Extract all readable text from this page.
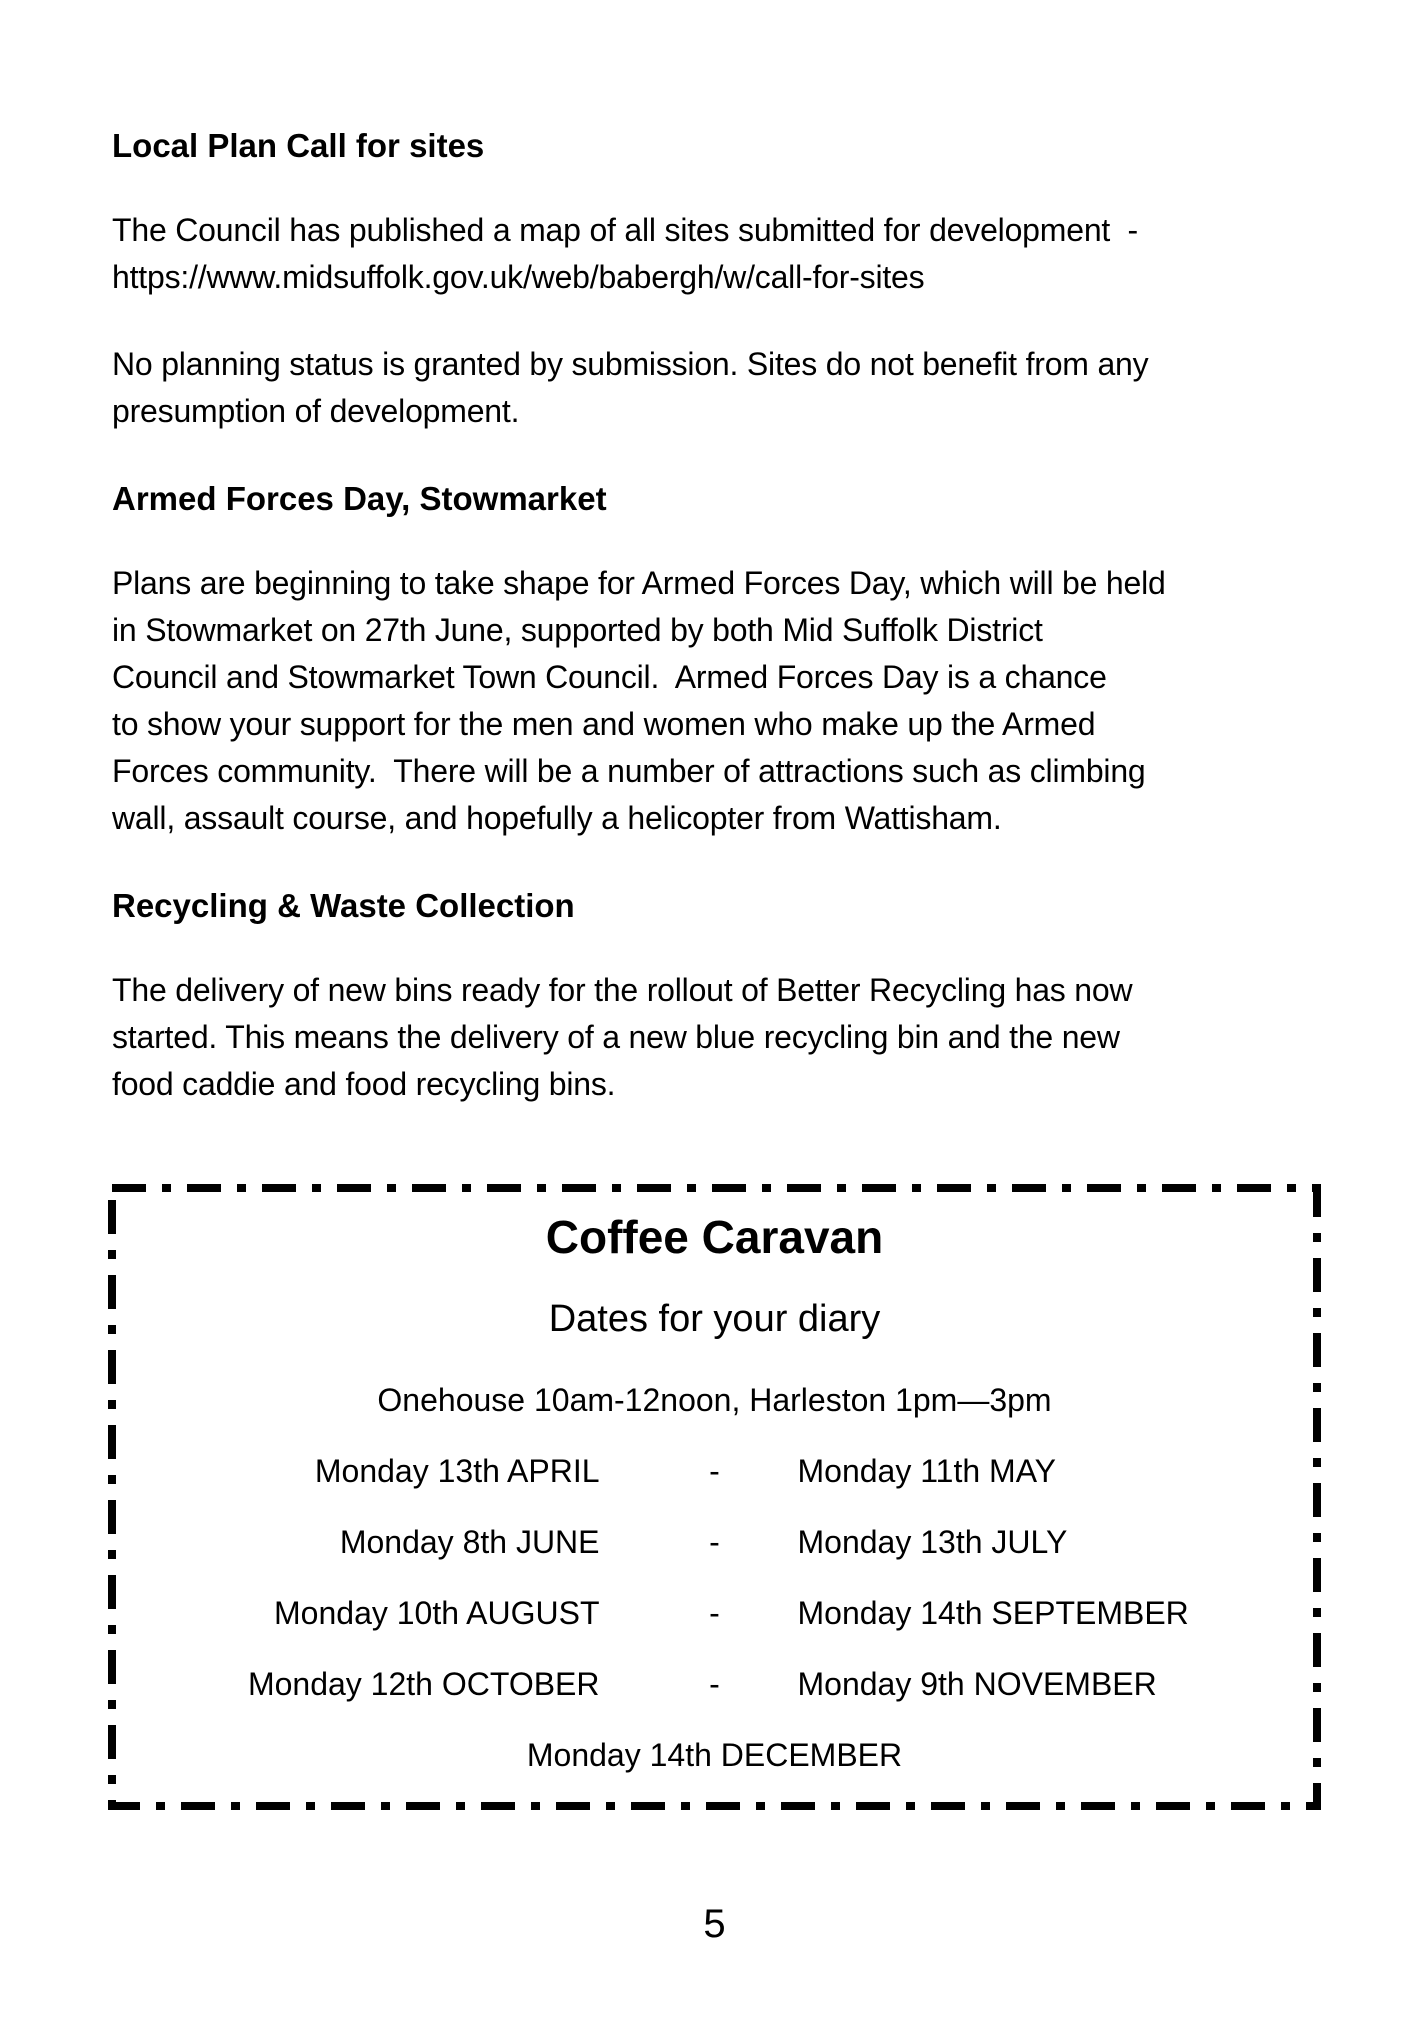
Local Plan Call for sites
The Council has published a map of all sites submitted for development  -
https://www.midsuffolk.gov.uk/web/babergh/w/call-for-sites
No planning status is granted by submission. Sites do not benefit from any
presumption of development.
Armed Forces Day, Stowmarket
Plans are beginning to take shape for Armed Forces Day, which will be held
in Stowmarket on 27th June, supported by both Mid Suffolk District
Council and Stowmarket Town Council.  Armed Forces Day is a chance
to show your support for the men and women who make up the Armed
Forces community.  There will be a number of attractions such as climbing
wall, assault course, and hopefully a helicopter from Wattisham.
Recycling & Waste Collection
The delivery of new bins ready for the rollout of Better Recycling has now
started. This means the delivery of a new blue recycling bin and the new
food caddie and food recycling bins.
Coffee Caravan
Dates for your diary
Onehouse 10am-12noon, Harleston 1pm—3pm
Monday 13th APRIL	-	Monday 11th MAY
Monday 8th JUNE	-	Monday 13th JULY
Monday 10th AUGUST	-	Monday 14th SEPTEMBER
Monday 12th OCTOBER	-	Monday 9th NOVEMBER
Monday 14th DECEMBER
5
